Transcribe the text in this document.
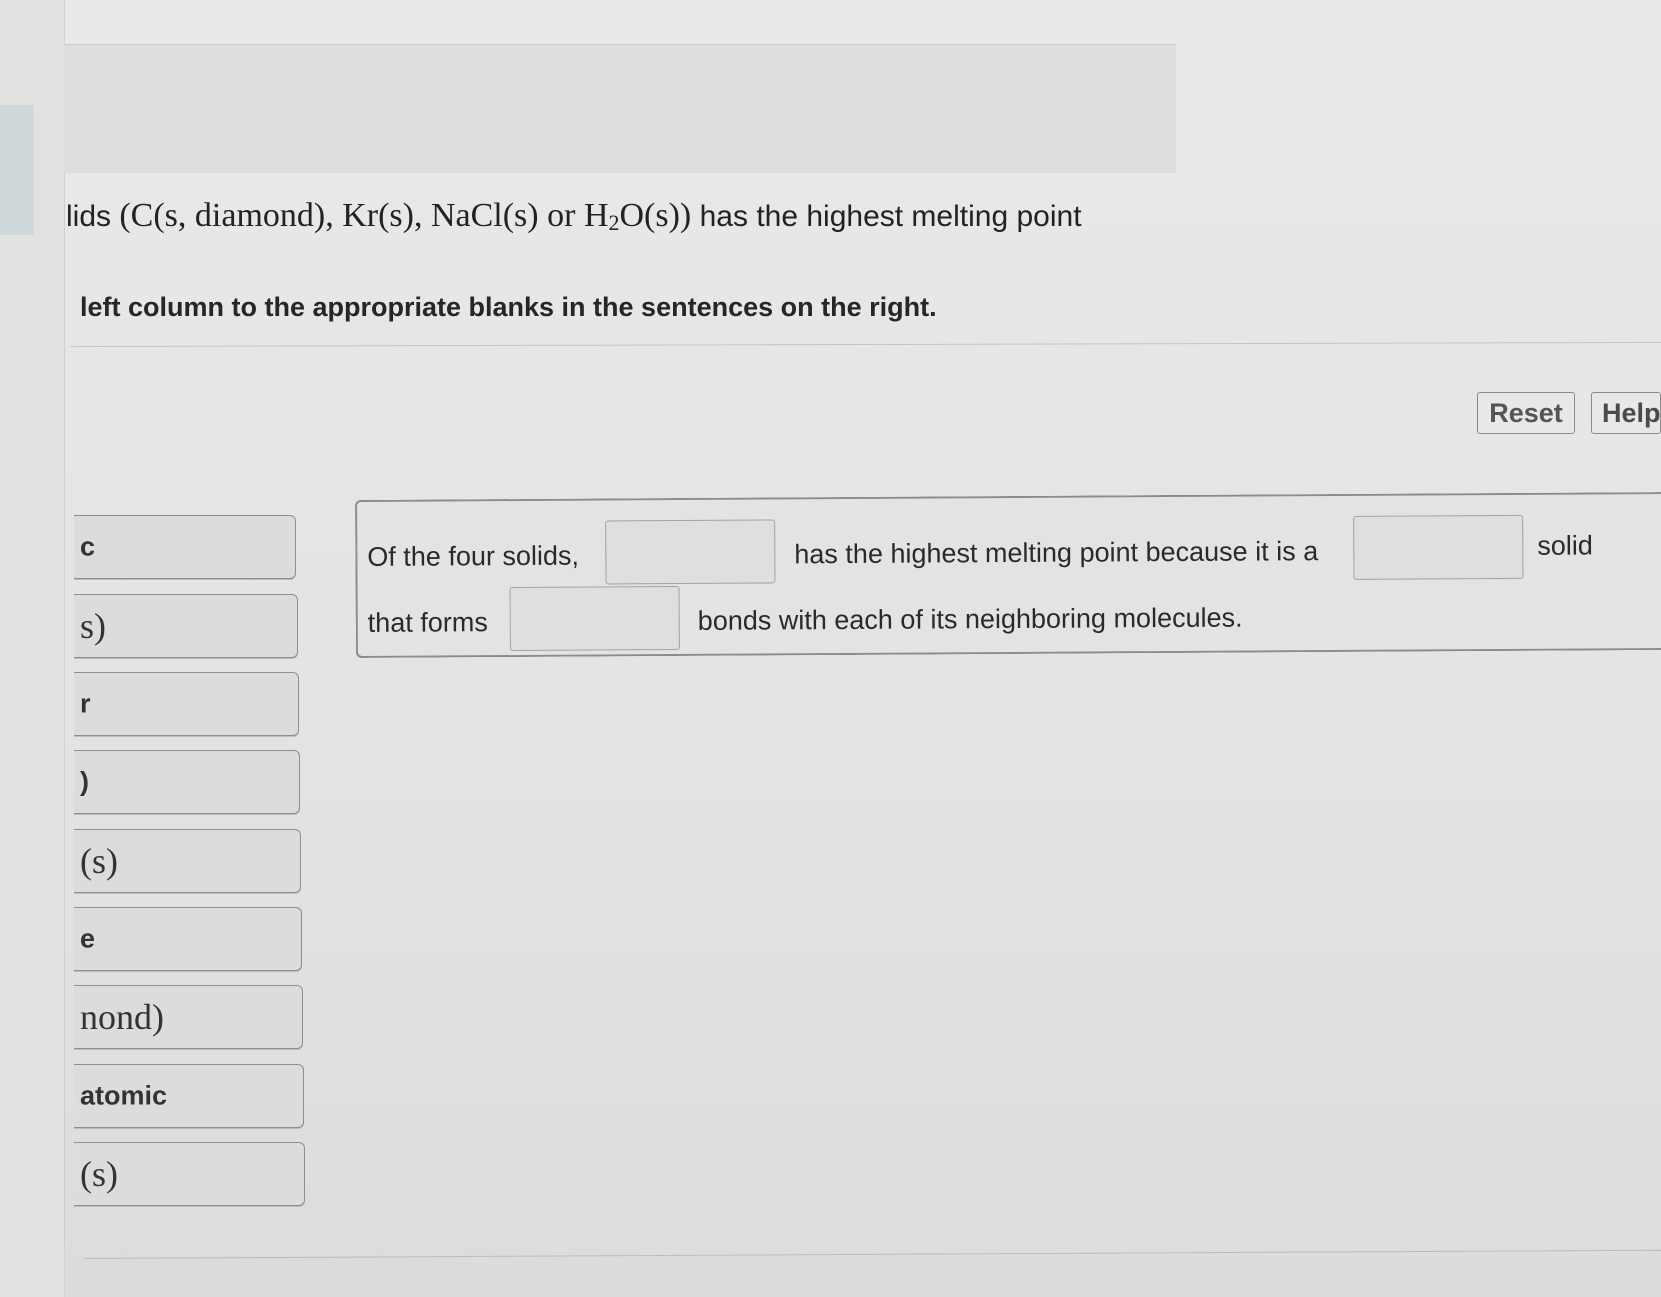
lids (C(s, diamond), Kr(s), NaCl(s) or $H_2O(s)$) has the highest melting point
left column to the appropriate blanks in the sentences on the right.
Reset	Help
c
s)
r
)
(s)
e
nond)
atomic
(s)
Of the four solids,	has the highest melting point because it is a	solid
that forms	bonds with each of its neighboring molecules.
